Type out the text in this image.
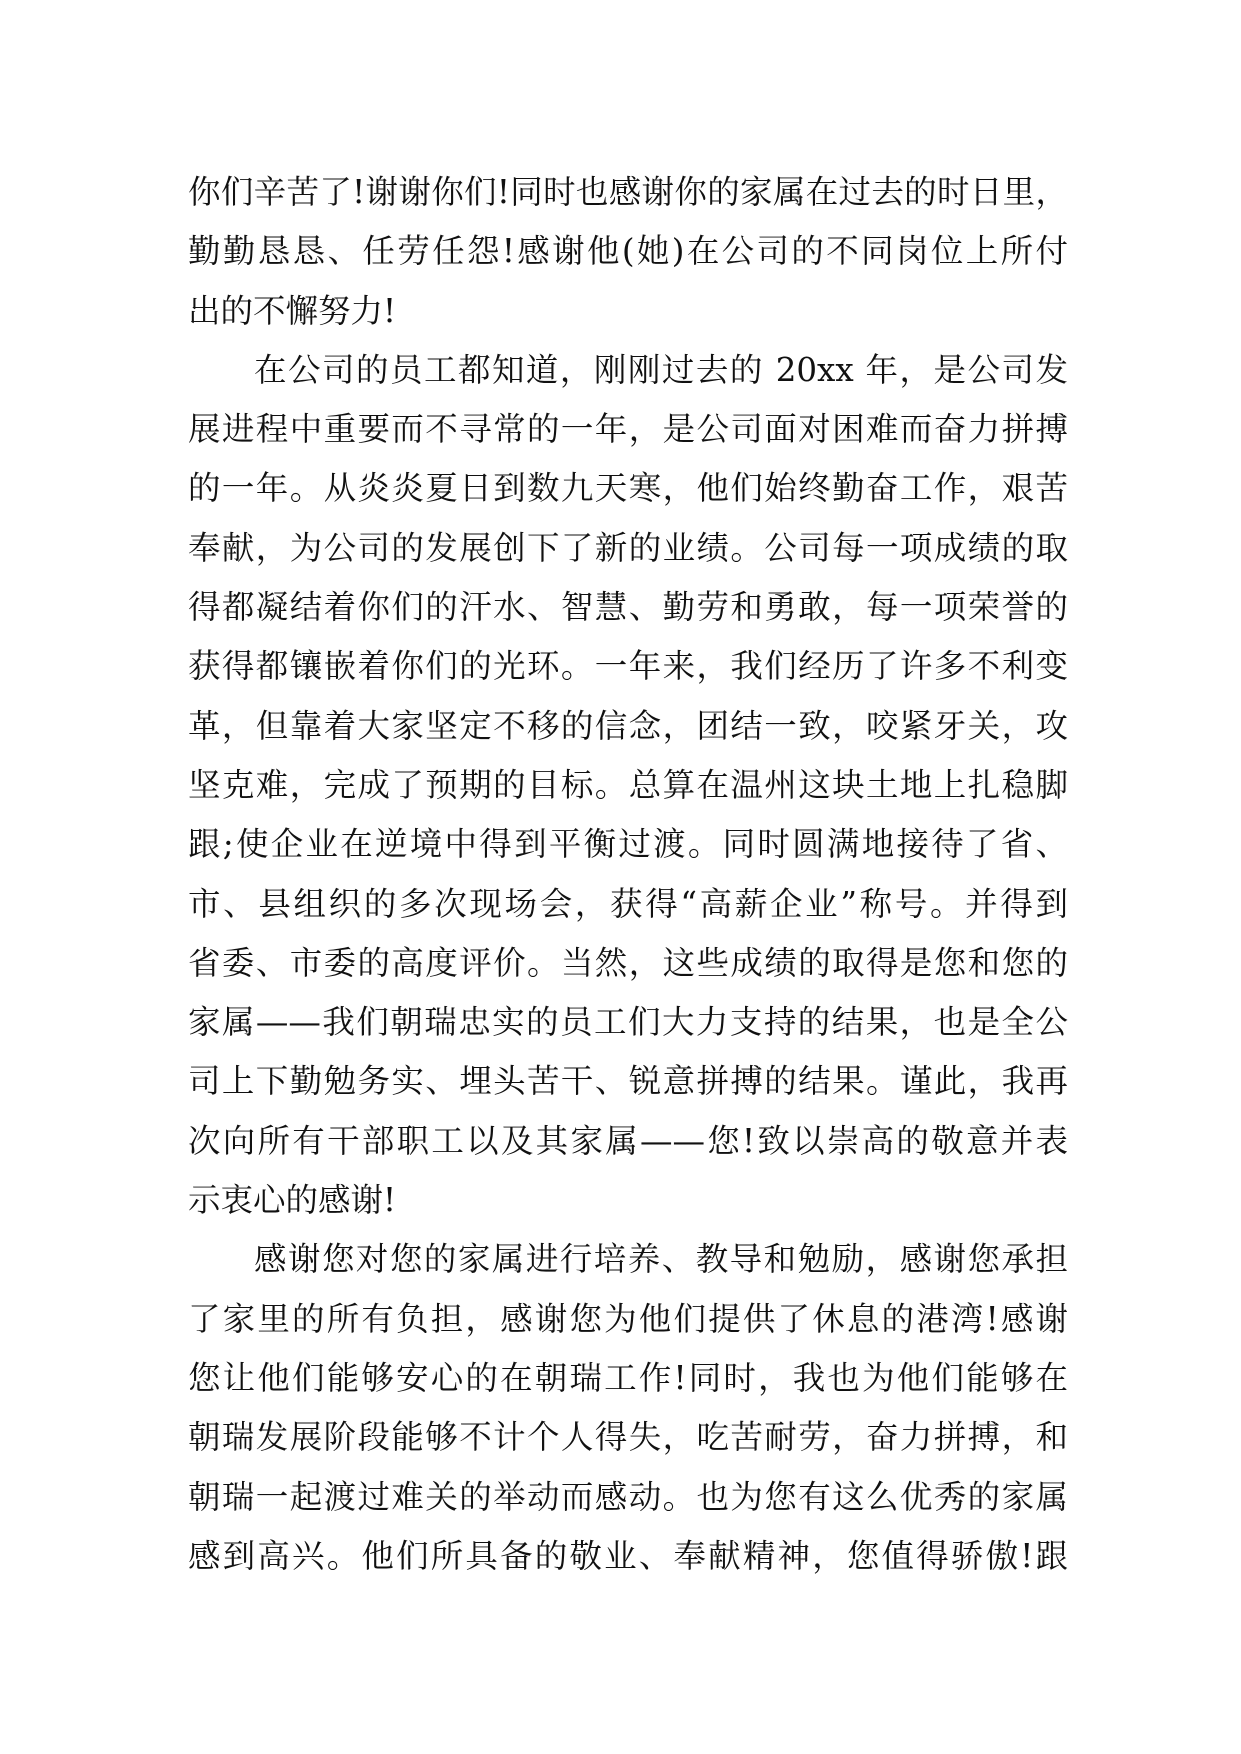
你们辛苦了!谢谢你们!同时也感谢你的家属在过去的时日里，
勤勤恳恳、任劳任怨!感谢他(她)在公司的不同岗位上所付
出的不懈努力!
在公司的员工都知道，刚刚过去的 20xx 年，是公司发
展进程中重要而不寻常的一年，是公司面对困难而奋力拼搏
的一年。从炎炎夏日到数九天寒，他们始终勤奋工作，艰苦
奉献，为公司的发展创下了新的业绩。公司每一项成绩的取
得都凝结着你们的汗水、智慧、勤劳和勇敢，每一项荣誉的
获得都镶嵌着你们的光环。一年来，我们经历了许多不利变
革，但靠着大家坚定不移的信念，团结一致，咬紧牙关，攻
坚克难，完成了预期的目标。总算在温州这块土地上扎稳脚
跟;使企业在逆境中得到平衡过渡。同时圆满地接待了省、
市、县组织的多次现场会，获得“高薪企业”称号。并得到
省委、市委的高度评价。当然，这些成绩的取得是您和您的
家属——我们朝瑞忠实的员工们大力支持的结果，也是全公
司上下勤勉务实、埋头苦干、锐意拼搏的结果。谨此，我再
次向所有干部职工以及其家属——您!致以崇高的敬意并表
示衷心的感谢!
感谢您对您的家属进行培养、教导和勉励，感谢您承担
了家里的所有负担，感谢您为他们提供了休息的港湾!感谢
您让他们能够安心的在朝瑞工作!同时，我也为他们能够在
朝瑞发展阶段能够不计个人得失，吃苦耐劳，奋力拼搏，和
朝瑞一起渡过难关的举动而感动。也为您有这么优秀的家属
感到高兴。他们所具备的敬业、奉献精神，您值得骄傲!跟
